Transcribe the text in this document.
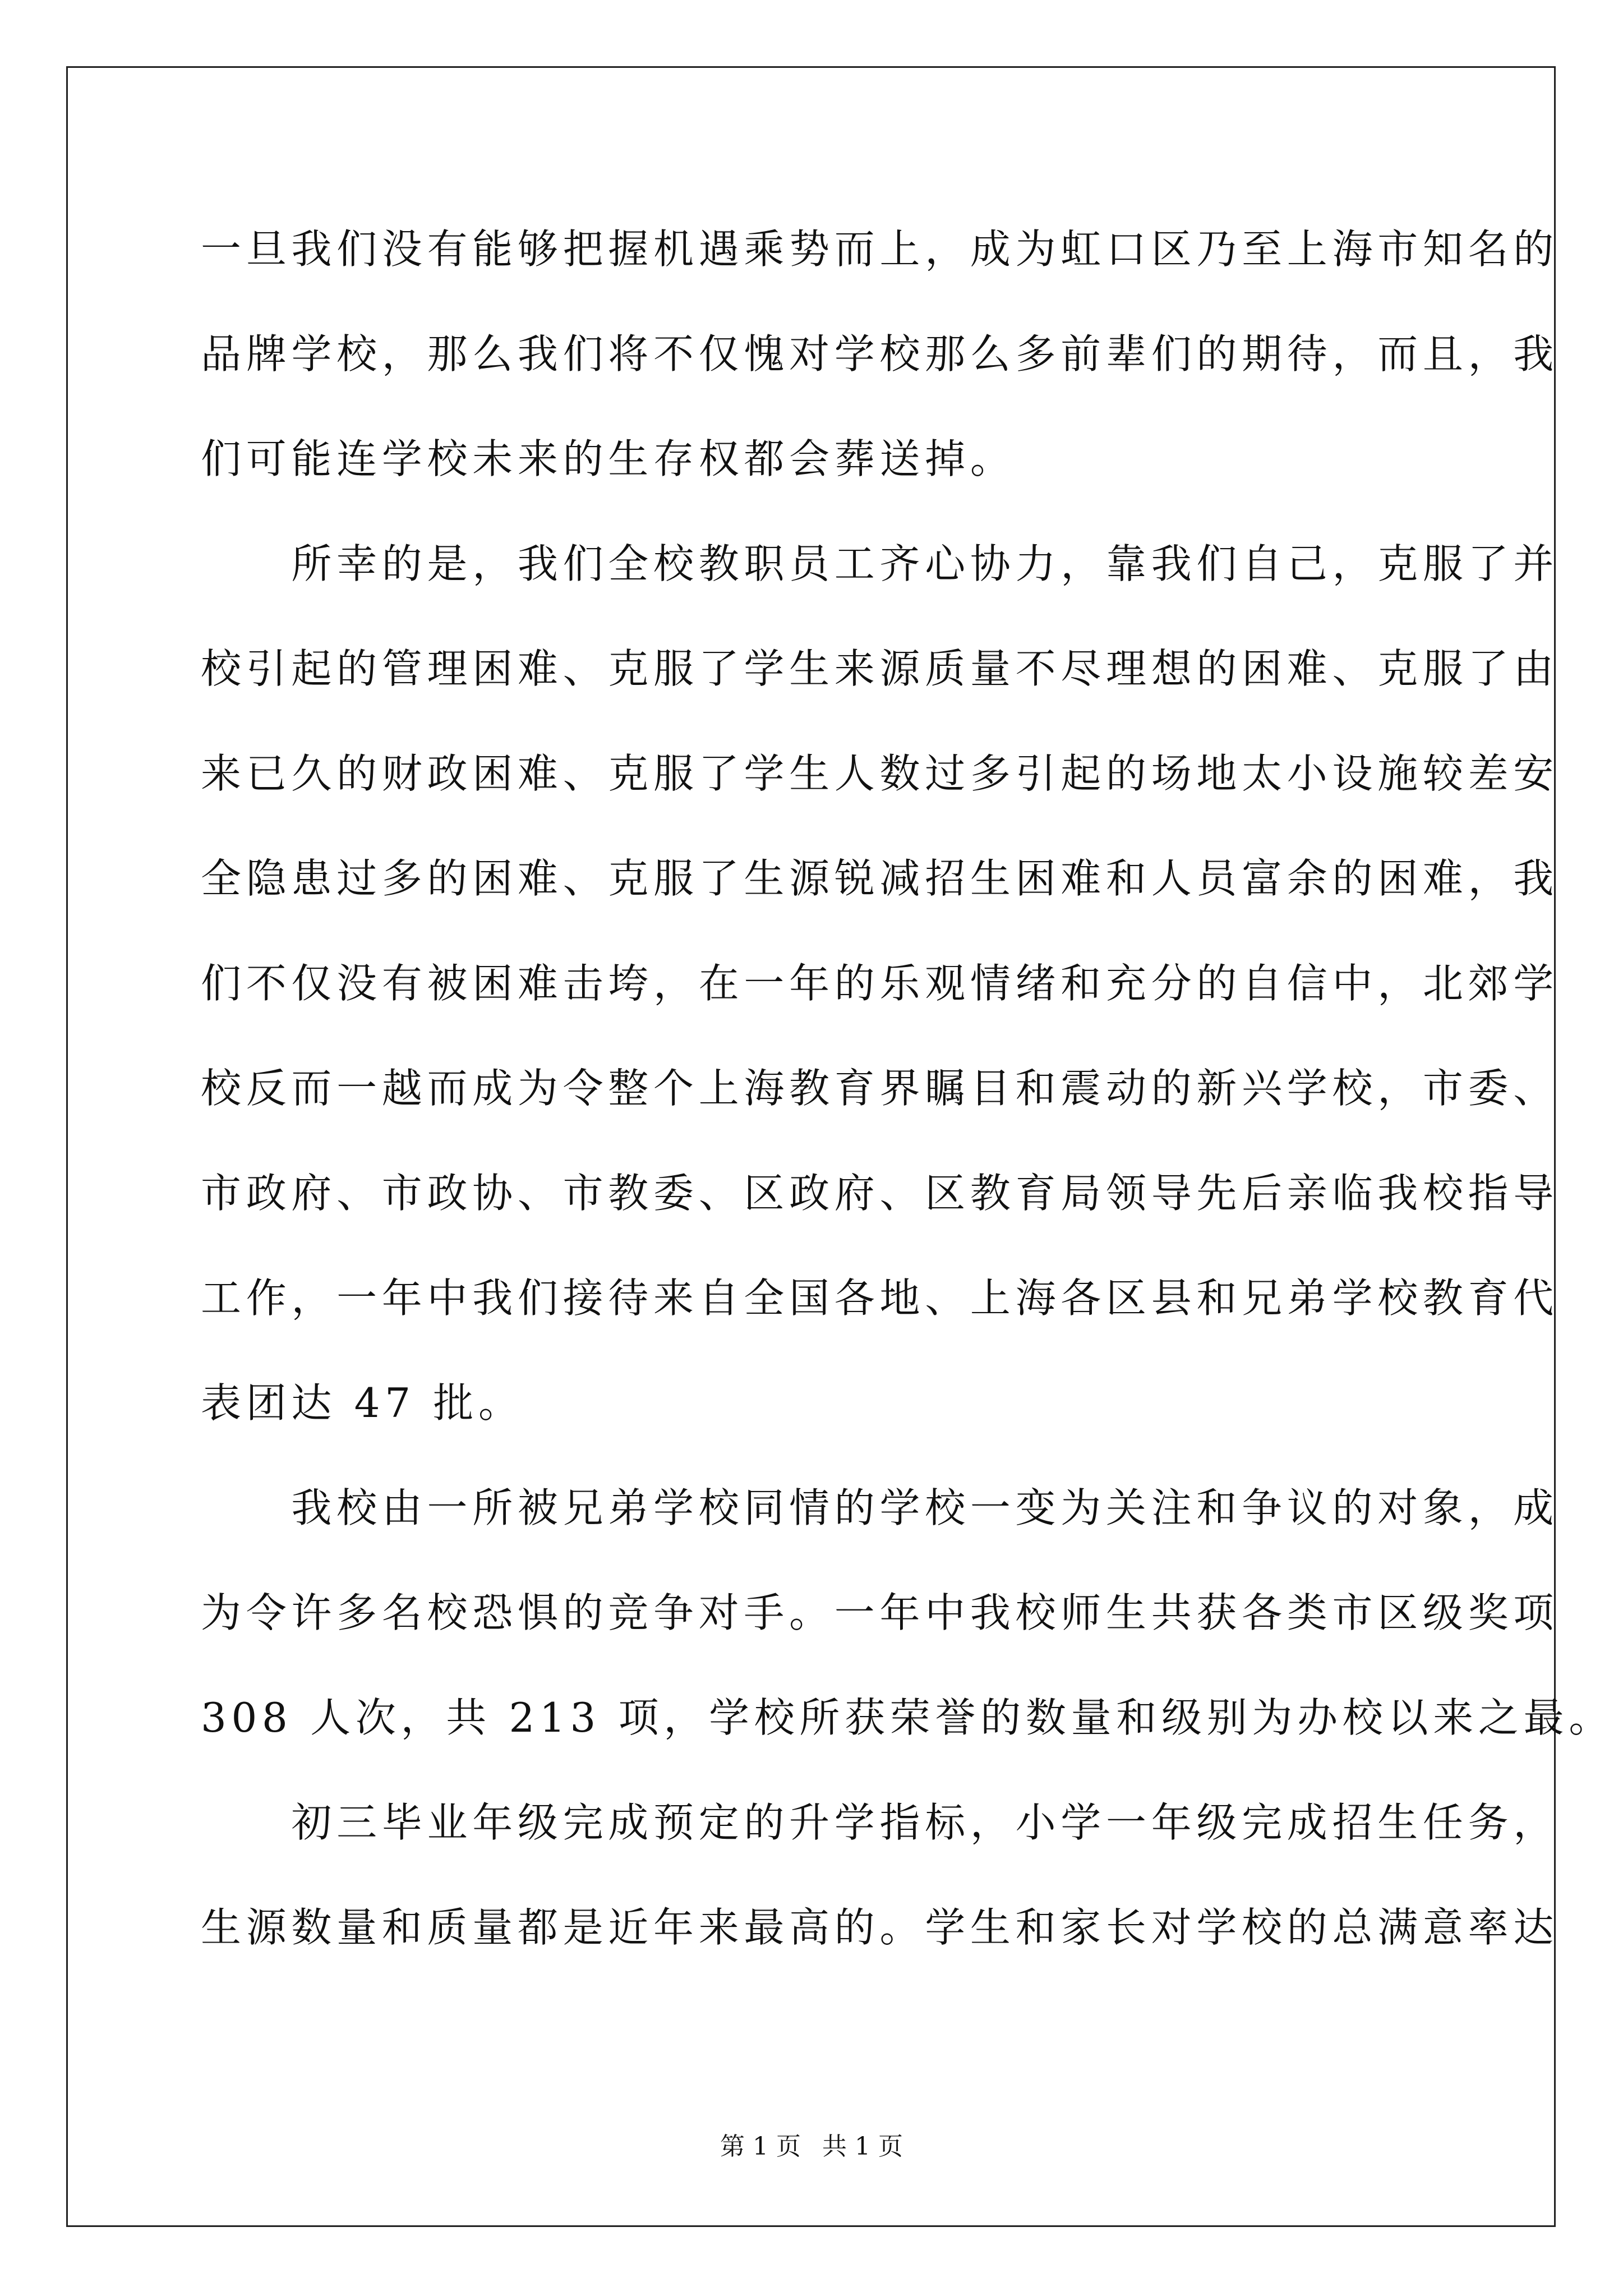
一旦我们没有能够把握机遇乘势而上，成为虹口区乃至上海市知名的
品牌学校，那么我们将不仅愧对学校那么多前辈们的期待，而且，我
们可能连学校未来的生存权都会葬送掉。
　　所幸的是，我们全校教职员工齐心协力，靠我们自己，克服了并
校引起的管理困难、克服了学生来源质量不尽理想的困难、克服了由
来已久的财政困难、克服了学生人数过多引起的场地太小设施较差安
全隐患过多的困难、克服了生源锐减招生困难和人员富余的困难，我
们不仅没有被困难击垮，在一年的乐观情绪和充分的自信中，北郊学
校反而一越而成为令整个上海教育界瞩目和震动的新兴学校，市委、
市政府、市政协、市教委、区政府、区教育局领导先后亲临我校指导
工作，一年中我们接待来自全国各地、上海各区县和兄弟学校教育代
表团达 47 批。
　　我校由一所被兄弟学校同情的学校一变为关注和争议的对象，成
为令许多名校恐惧的竞争对手。一年中我校师生共获各类市区级奖项
308 人次，共 213 项，学校所获荣誉的数量和级别为办校以来之最。
　　初三毕业年级完成预定的升学指标，小学一年级完成招生任务，
生源数量和质量都是近年来最高的。学生和家长对学校的总满意率达
第 1 页 共 1 页
